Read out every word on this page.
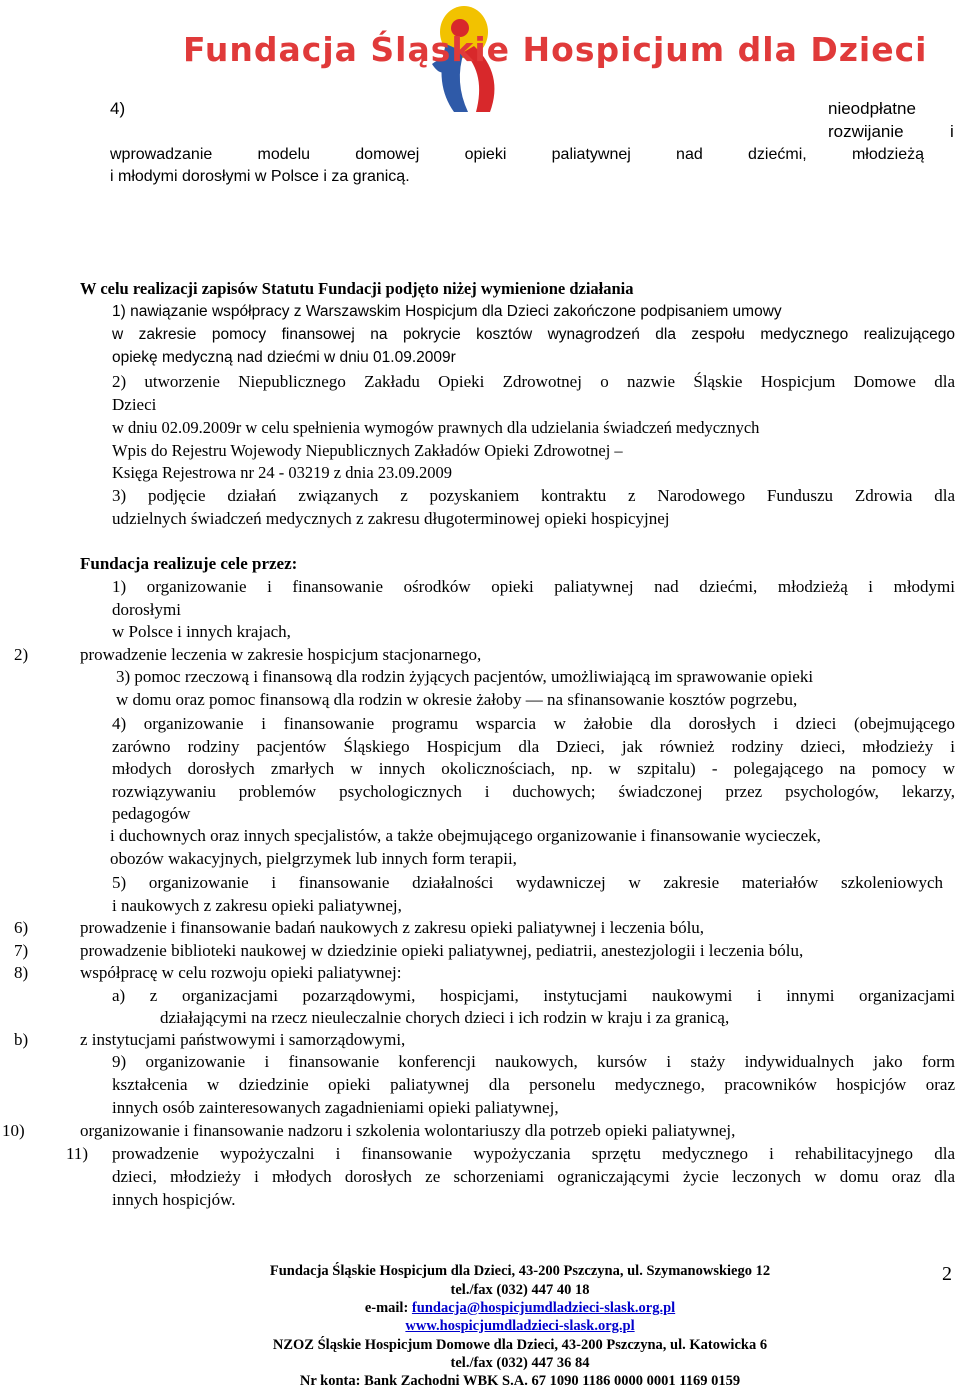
Fundacja Śląskie Hospicjum dla Dzieci
4)	nieodpłatne
rozwijanie	i
wprowadzanie modelu domowej opieki paliatywnej nad dziećmi, młodzieżą
i młodymi dorosłymi w Polsce i za granicą.
W celu realizacji zapisów Statutu Fundacji podjęto niżej wymienione działania
1) nawiązanie współpracy z Warszawskim Hospicjum dla Dzieci zakończone podpisaniem umowy
w zakresie pomocy finansowej na pokrycie kosztów wynagrodzeń dla zespołu medycznego realizującego
opiekę medyczną nad dziećmi w dniu 01.09.2009r
2) utworzenie Niepublicznego Zakładu Opieki Zdrowotnej o nazwie Śląskie Hospicjum Domowe dla
Dzieci
w dniu 02.09.2009r w celu spełnienia wymogów prawnych dla udzielania świadczeń medycznych
Wpis do Rejestru Wojewody Niepublicznych Zakładów Opieki Zdrowotnej –
Księga Rejestrowa nr 24 - 03219 z dnia 23.09.2009
3) podjęcie działań związanych z pozyskaniem kontraktu z Narodowego Funduszu Zdrowia dla
udzielnych świadczeń medycznych z zakresu długoterminowej opieki hospicyjnej
Fundacja realizuje cele przez:
1) organizowanie i finansowanie ośrodków opieki paliatywnej nad dziećmi, młodzieżą i młodymi
dorosłymi
w Polsce i innych krajach,
2)	prowadzenie leczenia w zakresie hospicjum stacjonarnego,
3) pomoc rzeczową i finansową dla rodzin żyjących pacjentów, umożliwiającą im sprawowanie opieki
w domu oraz pomoc finansową dla rodzin w okresie żałoby — na sfinansowanie kosztów pogrzebu,
4) organizowanie i finansowanie programu wsparcia w żałobie dla dorosłych i dzieci (obejmującego
zarówno rodziny pacjentów Śląskiego Hospicjum dla Dzieci, jak również rodziny dzieci, młodzieży i
młodych dorosłych zmarłych w innych okolicznościach, np. w szpitalu) - polegającego na pomocy w
rozwiązywaniu problemów psychologicznych i duchowych; świadczonej przez psychologów, lekarzy,
pedagogów
i duchownych oraz innych specjalistów, a także obejmującego organizowanie i finansowanie wycieczek,
obozów wakacyjnych, pielgrzymek lub innych form terapii,
5) organizowanie i finansowanie działalności wydawniczej w zakresie materiałów szkoleniowych
i naukowych z zakresu opieki paliatywnej,
6)	prowadzenie i finansowanie badań naukowych z zakresu opieki paliatywnej i leczenia bólu,
7)	prowadzenie biblioteki naukowej w dziedzinie opieki paliatywnej, pediatrii, anestezjologii i leczenia bólu,
8)	współpracę w celu rozwoju opieki paliatywnej:
a) z organizacjami pozarządowymi, hospicjami, instytucjami naukowymi i innymi organizacjami
działającymi na rzecz nieuleczalnie chorych dzieci i ich rodzin w kraju i za granicą,
b)	z instytucjami państwowymi i samorządowymi,
9) organizowanie i finansowanie konferencji naukowych, kursów i staży indywidualnych jako form
kształcenia w dziedzinie opieki paliatywnej dla personelu medycznego, pracowników hospicjów oraz
innych osób zainteresowanych zagadnieniami opieki paliatywnej,
10)	organizowanie i finansowanie nadzoru i szkolenia wolontariuszy dla potrzeb opieki paliatywnej,
11) prowadzenie wypożyczalni i finansowanie wypożyczania sprzętu medycznego i rehabilitacyjnego dla
dzieci, młodzieży i młodych dorosłych ze schorzeniami ograniczającymi życie leczonych w domu oraz dla
innych hospicjów.
Fundacja Śląskie Hospicjum dla Dzieci, 43-200 Pszczyna, ul. Szymanowskiego 12
tel./fax (032) 447 40 18
e-mail: fundacja@hospicjumdladzieci-slask.org.pl
www.hospicjumdladzieci-slask.org.pl
NZOZ Śląskie Hospicjum Domowe dla Dzieci, 43-200 Pszczyna, ul. Katowicka 6
tel./fax (032) 447 36 84
Nr konta: Bank Zachodni WBK S.A. 67 1090 1186 0000 0001 1169 0159
2
